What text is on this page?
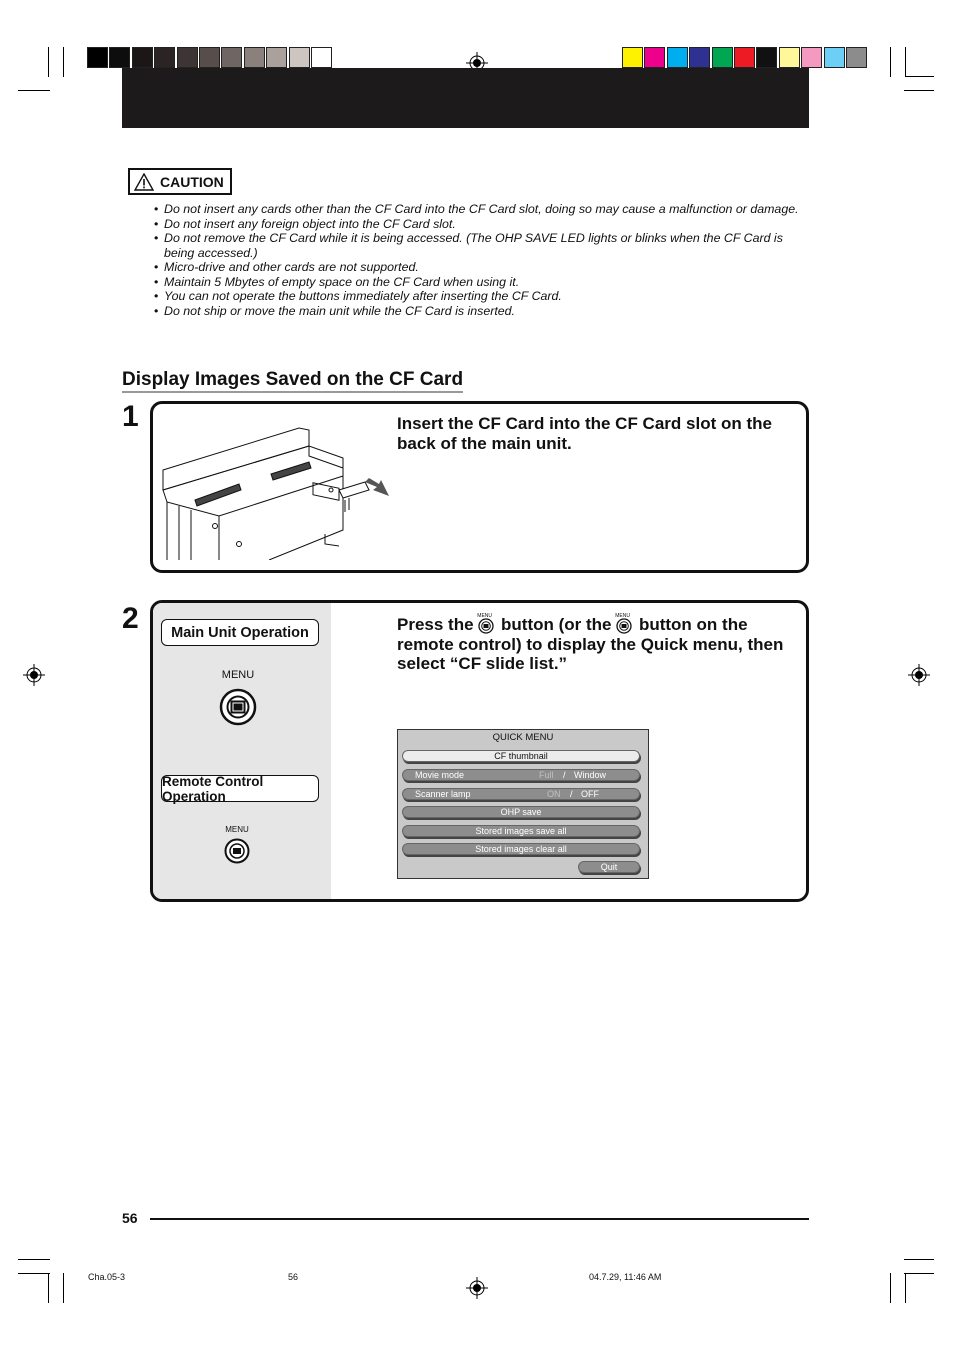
CAUTION
• Do not insert any cards other than the CF Card into the CF Card slot, doing so may cause a malfunction or damage.
• Do not insert any foreign object into the CF Card slot.
• Do not remove the CF Card while it is being accessed. (The OHP SAVE LED lights or blinks when the CF Card is being accessed.)
• Micro-drive and other cards are not supported.
• Maintain 5 Mbytes of empty space on the CF Card when using it.
• You can not operate the buttons immediately after inserting the CF Card.
• Do not ship or move the main unit while the CF Card is inserted.
Display Images Saved on the CF Card
1	Insert the CF Card into the CF Card slot on the back of the main unit.
2	Main Unit Operation
MENU
Remote Control Operation
MENU
Press the MENU button (or the MENU button on the remote control) to display the Quick menu, then select “CF slide list.”
QUICK MENU
CF thumbnail
Movie mode	Full / Window
Scanner lamp	ON / OFF
OHP save
Stored images save all
Stored images clear all
Quit
56
Cha.05-3	56	04.7.29, 11:46 AM
